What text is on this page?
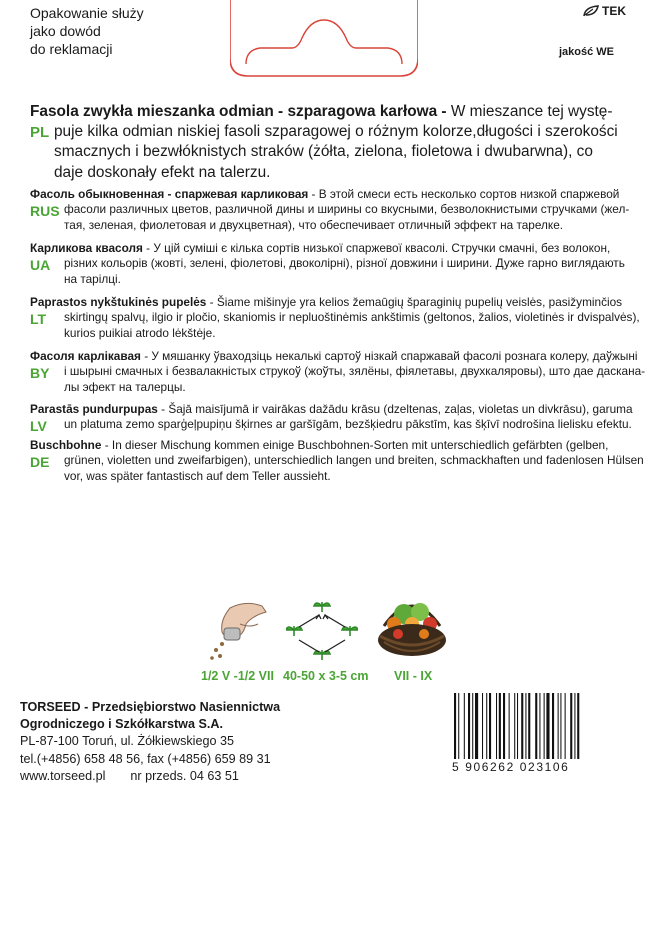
Opakowanie służy
jako dowód
do reklamacji
TEK
jakość WE
PL
Fasola zwykła mieszanka odmian - szparagowa karłowa - W mieszance tej wystę-
puje kilka odmian niskiej fasoli szparagowej o różnym kolorze,długości i szerokości
smacznych i bezwłóknistych straków (żółta, zielona, fioletowa i dwubarwna), co
daje doskonały efekt na talerzu.
RUS
Фасоль обыкновенная - спаржевая карликовая - В этой смеси есть несколько сортов низкой спаржевой
фасоли различных цветов, различной дины и ширины со вкусными, безволокнистыми стручками (жел-
тая, зеленая, фиолетовая и двухцветная), что обеспечивает отличный эффект на тарелке.
UA
Карликова квасоля - У цій суміші є кілька сортів низької спаржевої квасолі. Стручки смачні, без волокон,
різних кольорів (жовті, зелені, фіолетові, двоколірні), різної довжини і ширини. Дуже гарно виглядають
на тарілці.
LT
Paprastos nykštukinės pupelės - Šiame mišinyje yra kelios žemaūgių šparaginių pupelių veislės, pasižyminčios
skirtingų spalvų, ilgio ir pločio, skaniomis ir nepluoštinėmis ankštimis (geltonos, žalios, violetinės ir dvispalvės),
kurios puikiai atrodo lėkštėje.
BY
Фасоля карлікавая - У мяшанку ўваходзіць некалькі сартоў нізкай спаржавай фасолі рознага колеру, даўжыні
і шырыні смачных і безвалакністых струкоў (жоўты, зялёны, фіялетавы, двухкаляровы), што дае даскана-
лы эфект на талерцы.
LV
Parastās pundurpupas - Šajā maisījumā ir vairākas dažādu krāsu (dzeltenas, zaļas, violetas un divkrāsu), garuma
un platuma zemo sparģeļpupiņu šķirnes ar garšīgām, bezšķiedru pākstīm, kas šķīvī nodrošina lielisku efektu.
DE
Buschbohne - In dieser Mischung kommen einige Buschbohnen-Sorten mit unterschiedlich gefärbten (gelben,
grünen, violetten und zweifarbigen), unterschiedlich langen und breiten, schmackhaften und fadenlosen Hülsen
vor, was später fantastisch auf dem Teller aussieht.
1/2 V -1/2 VII 40-50 x 3-5 cm VII - IX
TORSEED - Przedsiębiorstwo Nasiennictwa
Ogrodniczego i Szkółkarstwa S.A.
PL-87-100 Toruń, ul. Żółkiewskiego 35
tel.(+4856) 658 48 56, fax (+4856) 659 89 31
www.torseed.pl nr przeds. 04 63 51
5 906262 023106
